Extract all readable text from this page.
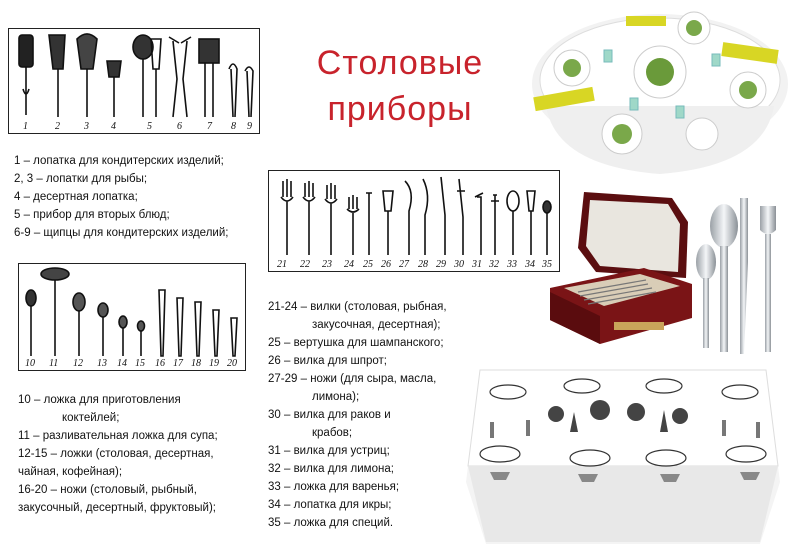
Столовые
приборы
1	2 3 4	5	6	7 8 9
1 – лопатка для кондитерских изделий;
2, 3 – лопатки для рыбы;
4 – десертная лопатка;
5 – прибор для вторых блюд;
6-9 – щипцы для кондитерских изделий;
21 22 23 24 25 26 27 28 29 30 31 32 33 34 35
10 11 12 13 14 15 16 17 18 19 20
10 – ложка для приготовления
коктейлей;
11 – разливательная ложка для супа;
12-15 – ложки (столовая, десертная,
чайная, кофейная);
16-20 – ножи (столовый, рыбный,
закусочный, десертный, фруктовый);
21-24 – вилки (столовая, рыбная,
закусочная, десертная);
25 – вертушка для шампанского;
26 – вилка для шпрот;
27-29 – ножи (для сыра, масла,
лимона);
30 – вилка для раков и
крабов;
31 – вилка для устриц;
32 – вилка для лимона;
33 – ложка для варенья;
34 – лопатка для икры;
35 – ложка для специй.
